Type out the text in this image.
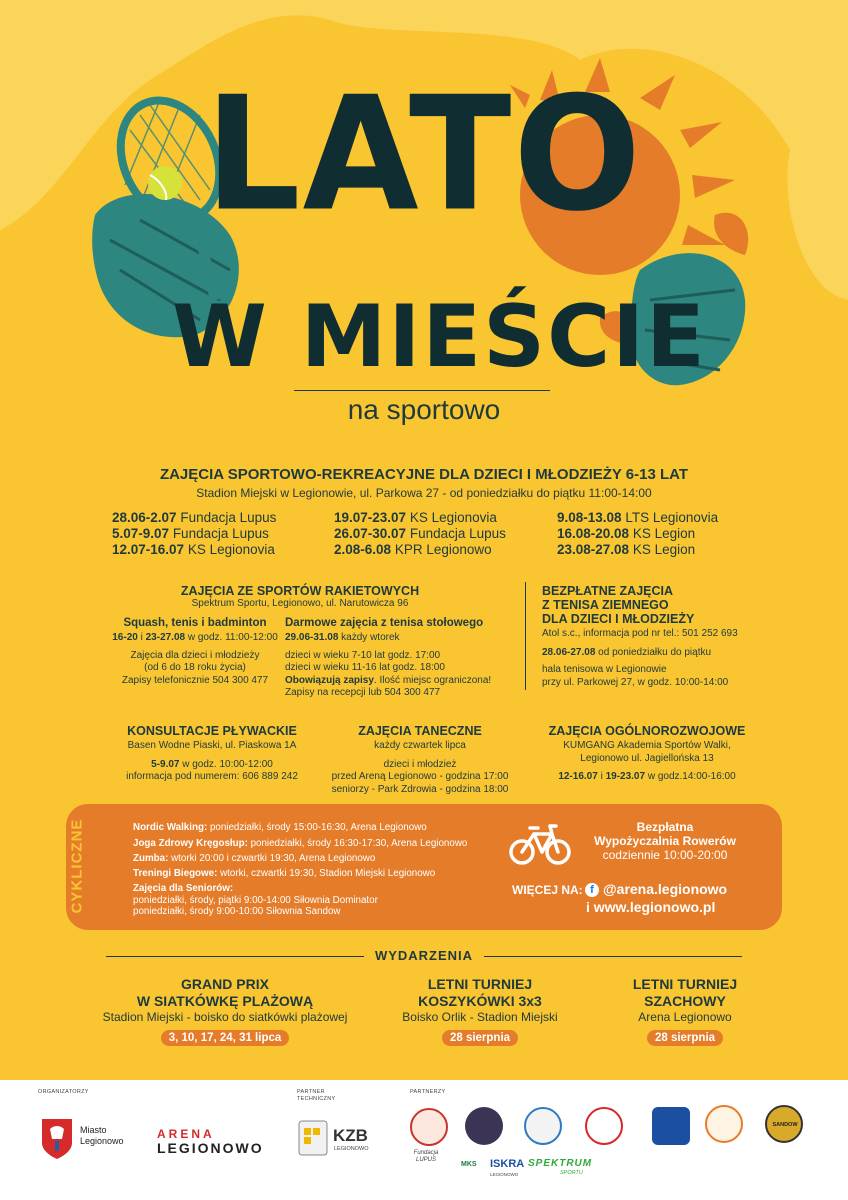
LATO
W MIEŚCIE
na sportowo
ZAJĘCIA SPORTOWO-REKREACYJNE DLA DZIECI I MŁODZIEŻY 6-13 LAT
Stadion Miejski w Legionowie, ul. Parkowa 27 - od poniedziałku do piątku 11:00-14:00
28.06-2.07 Fundacja Lupus
5.07-9.07 Fundacja Lupus
12.07-16.07 KS Legionovia
19.07-23.07 KS Legionovia
26.07-30.07 Fundacja Lupus
2.08-6.08 KPR Legionowo
9.08-13.08 LTS Legionovia
16.08-20.08 KS Legion
23.08-27.08 KS Legion
ZAJĘCIA ZE SPORTÓW RAKIETOWYCH
Spektrum Sportu, Legionowo, ul. Narutowicza 96
Squash, tenis i badminton
16-20 i 23-27.08 w godz. 11:00-12:00
Zajęcia dla dzieci i młodzieży
(od 6 do 18 roku życia)
Zapisy telefonicznie 504 300 477
Darmowe zajęcia z tenisa stołowego
29.06-31.08 każdy wtorek
dzieci w wieku 7-10 lat godz. 17:00
dzieci w wieku 11-16 lat godz. 18:00
Obowiązują zapisy. Ilość miejsc ograniczona!
Zapisy na recepcji lub 504 300 477
BEZPŁATNE ZAJĘCIA
Z TENISA ZIEMNEGO
DLA DZIECI I MŁODZIEŻY
Atol s.c., informacja pod nr tel.: 501 252 693
28.06-27.08 od poniedziałku do piątku
hala tenisowa w Legionowie
przy ul. Parkowej 27, w godz. 10:00-14:00
KONSULTACJE PŁYWACKIE
Basen Wodne Piaski, ul. Piaskowa 1A
5-9.07 w godz. 10:00-12:00
informacja pod numerem: 606 889 242
ZAJĘCIA TANECZNE
każdy czwartek lipca
dzieci i młodzież
przed Areną Legionowo - godzina 17:00
seniorzy - Park Zdrowia - godzina 18:00
ZAJĘCIA OGÓLNOROZWOJOWE
KUMGANG Akademia Sportów Walki,
Legionowo ul. Jagiellońska 13
12-16.07 i 19-23.07 w godz.14:00-16:00
CYKLICZNE	Nordic Walking: poniedziałki, środy 15:00-16:30, Arena Legionowo
Joga Zdrowy Kręgosłup: poniedziałki, środy 16:30-17:30, Arena Legionowo
Zumba: wtorki 20:00 i czwartki 19:30, Arena Legionowo
Treningi Biegowe: wtorki, czwartki 19:30, Stadion Miejski Legionowo
Zajęcia dla Seniorów:
poniedziałki, środy, piątki 9:00-14:00 Siłownia Dominator
poniedziałki, środy 9:00-10:00 Siłownia Sandow
Bezpłatna
Wypożyczalnia Rowerów
codziennie 10:00-20:00
WIĘCEJ NA: f @arena.legionowo
i www.legionowo.pl
WYDARZENIA
GRAND PRIX
W SIATKÓWKĘ PLAŻOWĄ
Stadion Miejski - boisko do siatkówki plażowej
3, 10, 17, 24, 31 lipca
LETNI TURNIEJ
KOSZYKÓWKI 3x3
Boisko Orlik - Stadion Miejski
28 sierpnia
LETNI TURNIEJ
SZACHOWY
Arena Legionowo
28 sierpnia
ORGANIZATORZY	PARTNER
TECHNICZNY
PARTNERZY
Miasto
Legionowo	ARENA
LEGIONOWO
KZB
LEGIONOWO
SANDOW
Fundacja
LUPUS
MKS ISKRA
LEGIONOWO
SPEKTRUM
SPORTU
